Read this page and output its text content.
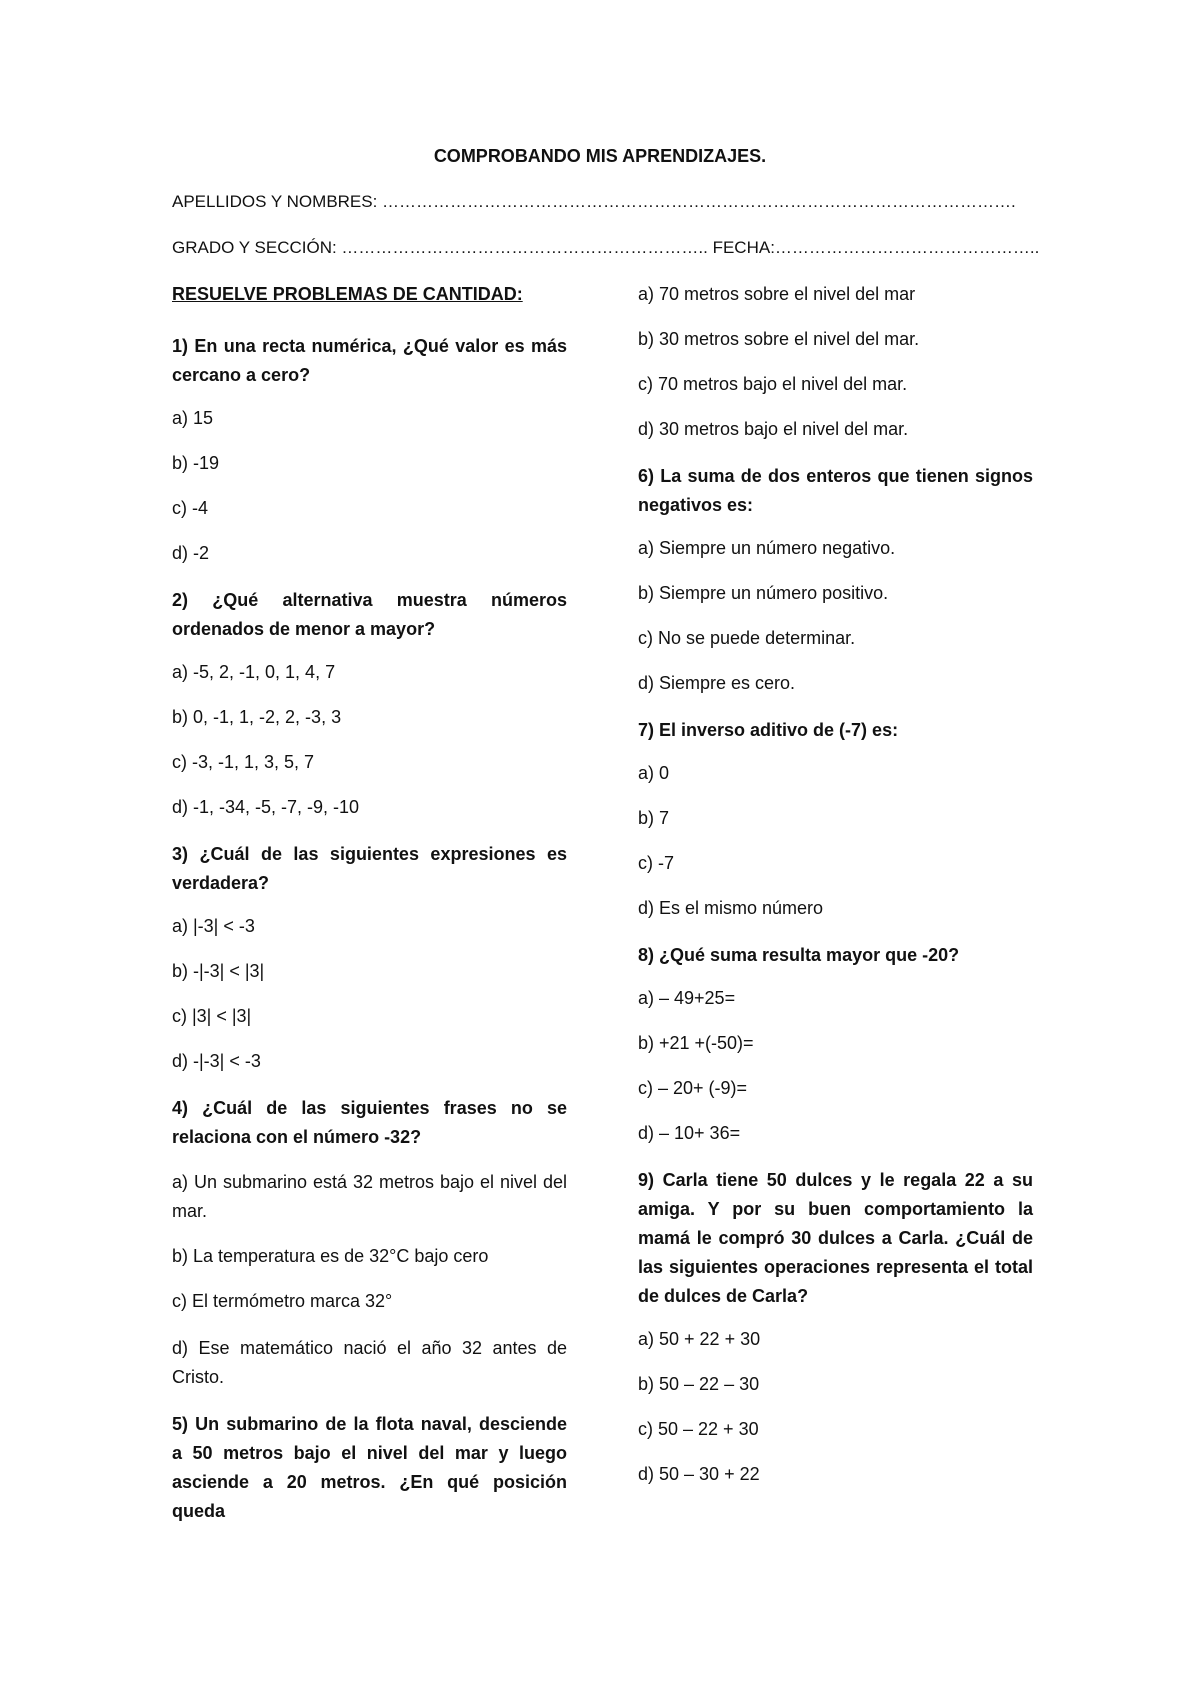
COMPROBANDO MIS APRENDIZAJES.
APELLIDOS Y NOMBRES: ………………………………………………………………………………………………….
GRADO Y SECCIÓN: ……………………………………………………….. FECHA:………………………………………..
RESUELVE PROBLEMAS DE CANTIDAD:
1) En una recta numérica, ¿Qué valor es más cercano a cero?
a) 15
b) -19
c) -4
d) -2
2) ¿Qué alternativa muestra números ordenados de menor a mayor?
a) -5, 2, -1, 0, 1, 4, 7
b) 0, -1, 1, -2, 2, -3, 3
c) -3, -1, 1, 3, 5, 7
d) -1, -34, -5, -7, -9, -10
3) ¿Cuál de las siguientes expresiones es verdadera?
a) |-3| < -3
b) -|-3| < |3|
c) |3| < |3|
d) -|-3| < -3
4) ¿Cuál de las siguientes frases no se relaciona con el número -32?
a) Un submarino está 32 metros bajo el nivel del mar.
b) La temperatura es de 32°C bajo cero
c) El termómetro marca 32°
d) Ese matemático nació el año 32 antes de Cristo.
5) Un submarino de la flota naval, desciende a 50 metros bajo el nivel del mar y luego asciende a 20 metros. ¿En qué posición queda
a) 70 metros sobre el nivel del mar
b) 30 metros sobre el nivel del mar.
c) 70 metros bajo el nivel del mar.
d) 30 metros bajo el nivel del mar.
6) La suma de dos enteros que tienen signos negativos es:
a) Siempre un número negativo.
b) Siempre un número positivo.
c) No se puede determinar.
d) Siempre es cero.
7) El inverso aditivo de (-7) es:
a) 0
b) 7
c) -7
d) Es el mismo número
8) ¿Qué suma resulta mayor que -20?
a) – 49+25=
b) +21 +(-50)=
c) – 20+ (-9)=
d) – 10+ 36=
9) Carla tiene 50 dulces y le regala 22 a su amiga. Y por su buen comportamiento la mamá le compró 30 dulces a Carla. ¿Cuál de las siguientes operaciones representa el total de dulces de Carla?
a) 50 + 22 + 30
b) 50 – 22 – 30
c) 50 – 22 + 30
d) 50 – 30 + 22
